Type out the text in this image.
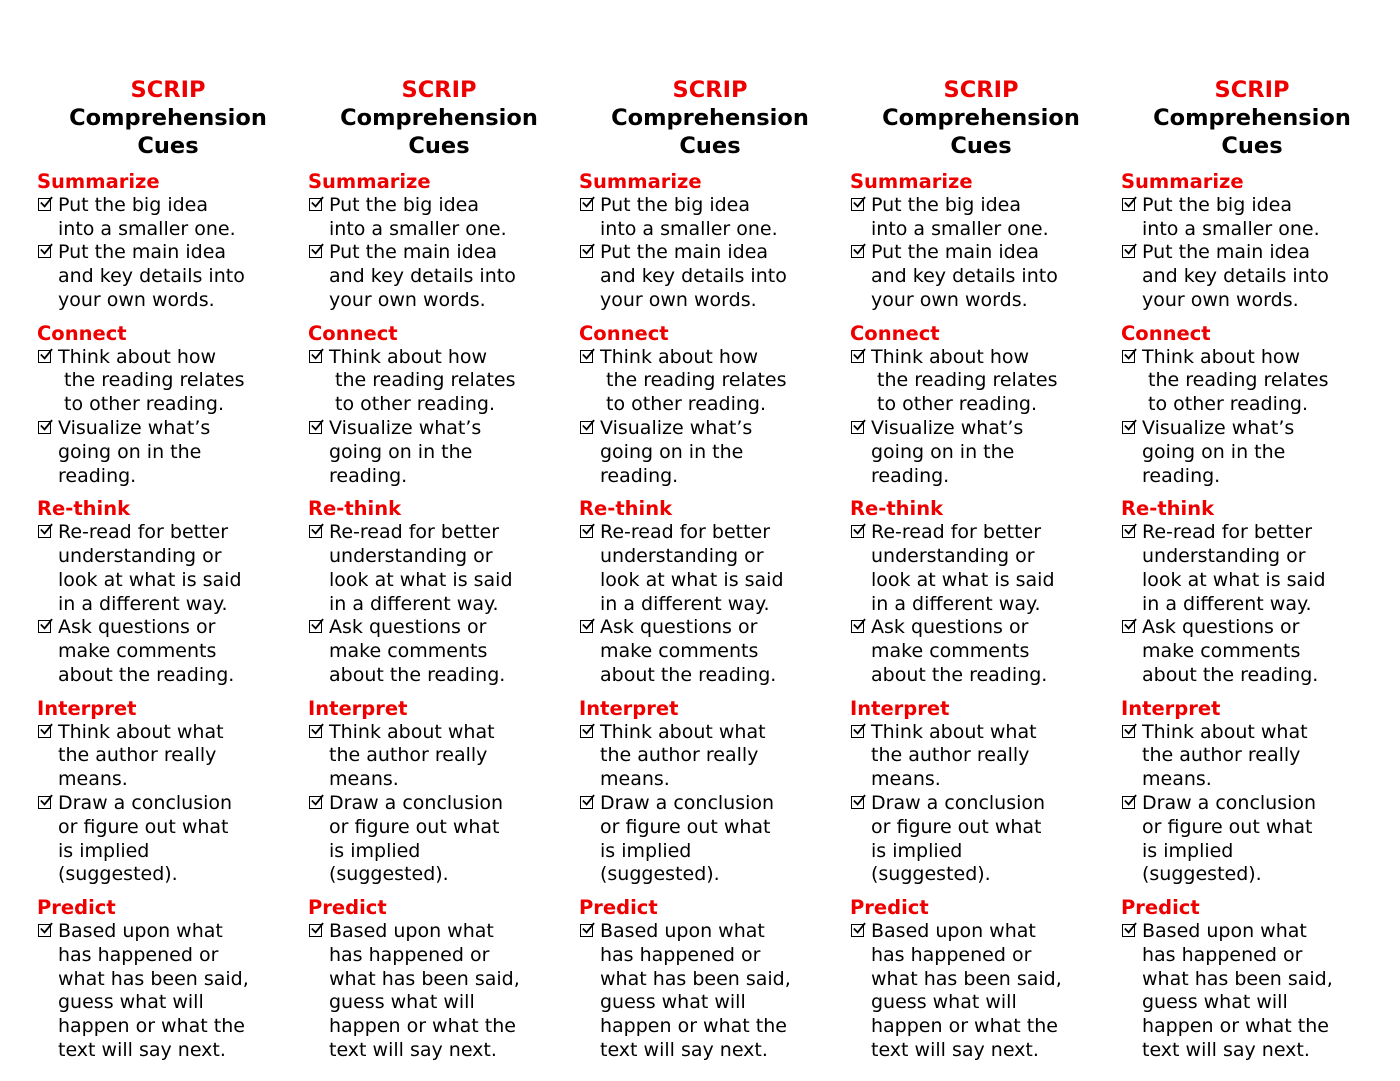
SCRIP
Comprehension
Cues
Summarize
Put the big idea
into a smaller one.
Put the main idea
and key details into
your own words.
Connect
Think about how
the reading relates
to other reading.
Visualize what’s
going on in the
reading.
Re-think
Re-read for better
understanding or
look at what is said
in a different way.
Ask questions or
make comments
about the reading.
Interpret
Think about what
the author really
means.
Draw a conclusion
or figure out what
is implied
(suggested).
Predict
Based upon what
has happened or
what has been said,
guess what will
happen or what the
text will say next.
SCRIP
Comprehension
Cues
Summarize
Put the big idea
into a smaller one.
Put the main idea
and key details into
your own words.
Connect
Think about how
the reading relates
to other reading.
Visualize what’s
going on in the
reading.
Re-think
Re-read for better
understanding or
look at what is said
in a different way.
Ask questions or
make comments
about the reading.
Interpret
Think about what
the author really
means.
Draw a conclusion
or figure out what
is implied
(suggested).
Predict
Based upon what
has happened or
what has been said,
guess what will
happen or what the
text will say next.
SCRIP
Comprehension
Cues
Summarize
Put the big idea
into a smaller one.
Put the main idea
and key details into
your own words.
Connect
Think about how
the reading relates
to other reading.
Visualize what’s
going on in the
reading.
Re-think
Re-read for better
understanding or
look at what is said
in a different way.
Ask questions or
make comments
about the reading.
Interpret
Think about what
the author really
means.
Draw a conclusion
or figure out what
is implied
(suggested).
Predict
Based upon what
has happened or
what has been said,
guess what will
happen or what the
text will say next.
SCRIP
Comprehension
Cues
Summarize
Put the big idea
into a smaller one.
Put the main idea
and key details into
your own words.
Connect
Think about how
the reading relates
to other reading.
Visualize what’s
going on in the
reading.
Re-think
Re-read for better
understanding or
look at what is said
in a different way.
Ask questions or
make comments
about the reading.
Interpret
Think about what
the author really
means.
Draw a conclusion
or figure out what
is implied
(suggested).
Predict
Based upon what
has happened or
what has been said,
guess what will
happen or what the
text will say next.
SCRIP
Comprehension
Cues
Summarize
Put the big idea
into a smaller one.
Put the main idea
and key details into
your own words.
Connect
Think about how
the reading relates
to other reading.
Visualize what’s
going on in the
reading.
Re-think
Re-read for better
understanding or
look at what is said
in a different way.
Ask questions or
make comments
about the reading.
Interpret
Think about what
the author really
means.
Draw a conclusion
or figure out what
is implied
(suggested).
Predict
Based upon what
has happened or
what has been said,
guess what will
happen or what the
text will say next.
